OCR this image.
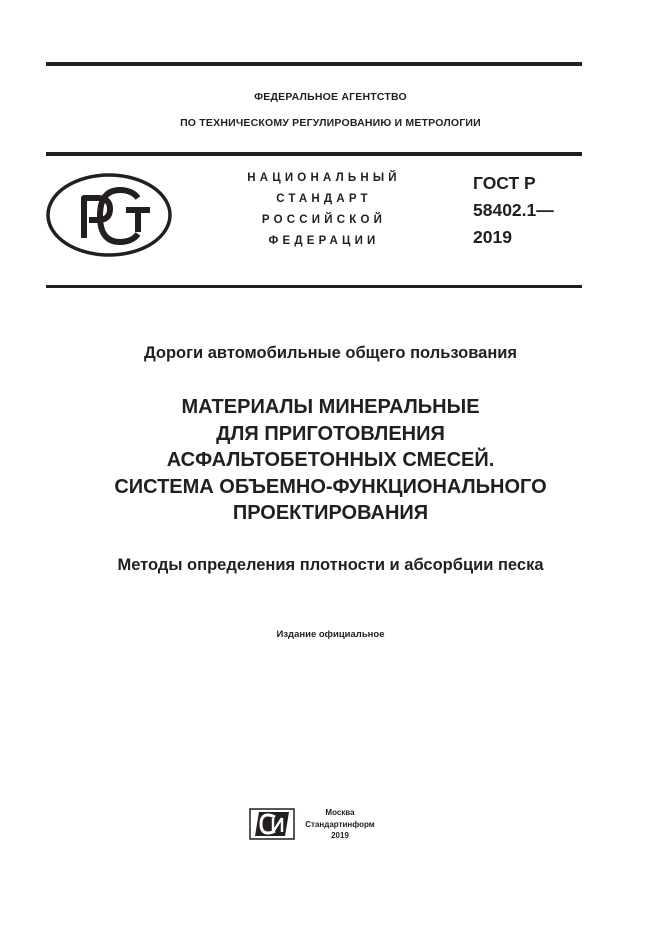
ФЕДЕРАЛЬНОЕ АГЕНТСТВО
ПО ТЕХНИЧЕСКОМУ РЕГУЛИРОВАНИЮ И МЕТРОЛОГИИ
НАЦИОНАЛЬНЫЙ
СТАНДАРТ
РОССИЙСКОЙ
ФЕДЕРАЦИИ
ГОСТ Р
58402.1—
2019
Дороги автомобильные общего пользования
МАТЕРИАЛЫ МИНЕРАЛЬНЫЕ
ДЛЯ ПРИГОТОВЛЕНИЯ
АСФАЛЬТОБЕТОННЫХ СМЕСЕЙ.
СИСТЕМА ОБЪЕМНО-ФУНКЦИОНАЛЬНОГО
ПРОЕКТИРОВАНИЯ
Методы определения плотности и абсорбции песка
Издание официальное
Москва
Стандартинформ
2019
